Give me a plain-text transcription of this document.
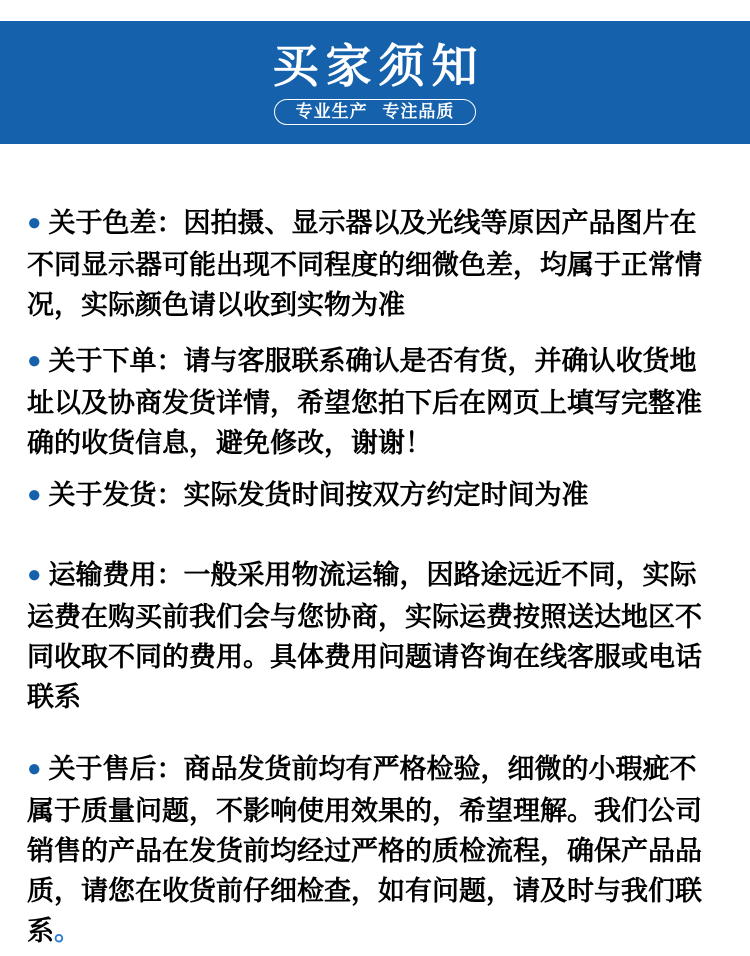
买家须知
专业生产 专注品质

● 关于色差：因拍摄、显示器以及光线等原因产品图片在不同显示器可能出现不同程度的细微色差，均属于正常情况，实际颜色请以收到实物为准

● 关于下单：请与客服联系确认是否有货，并确认收货地址以及协商发货详情，希望您拍下后在网页上填写完整准确的收货信息，避免修改，谢谢！

● 关于发货：实际发货时间按双方约定时间为准

● 运输费用：一般采用物流运输，因路途远近不同，实际运费在购买前我们会与您协商，实际运费按照送达地区不同收取不同的费用。具体费用问题请咨询在线客服或电话联系

● 关于售后：商品发货前均有严格检验，细微的小瑕疵不属于质量问题，不影响使用效果的，希望理解。我们公司销售的产品在发货前均经过严格的质检流程，确保产品品质，请您在收货前仔细检查，如有问题，请及时与我们联系。
